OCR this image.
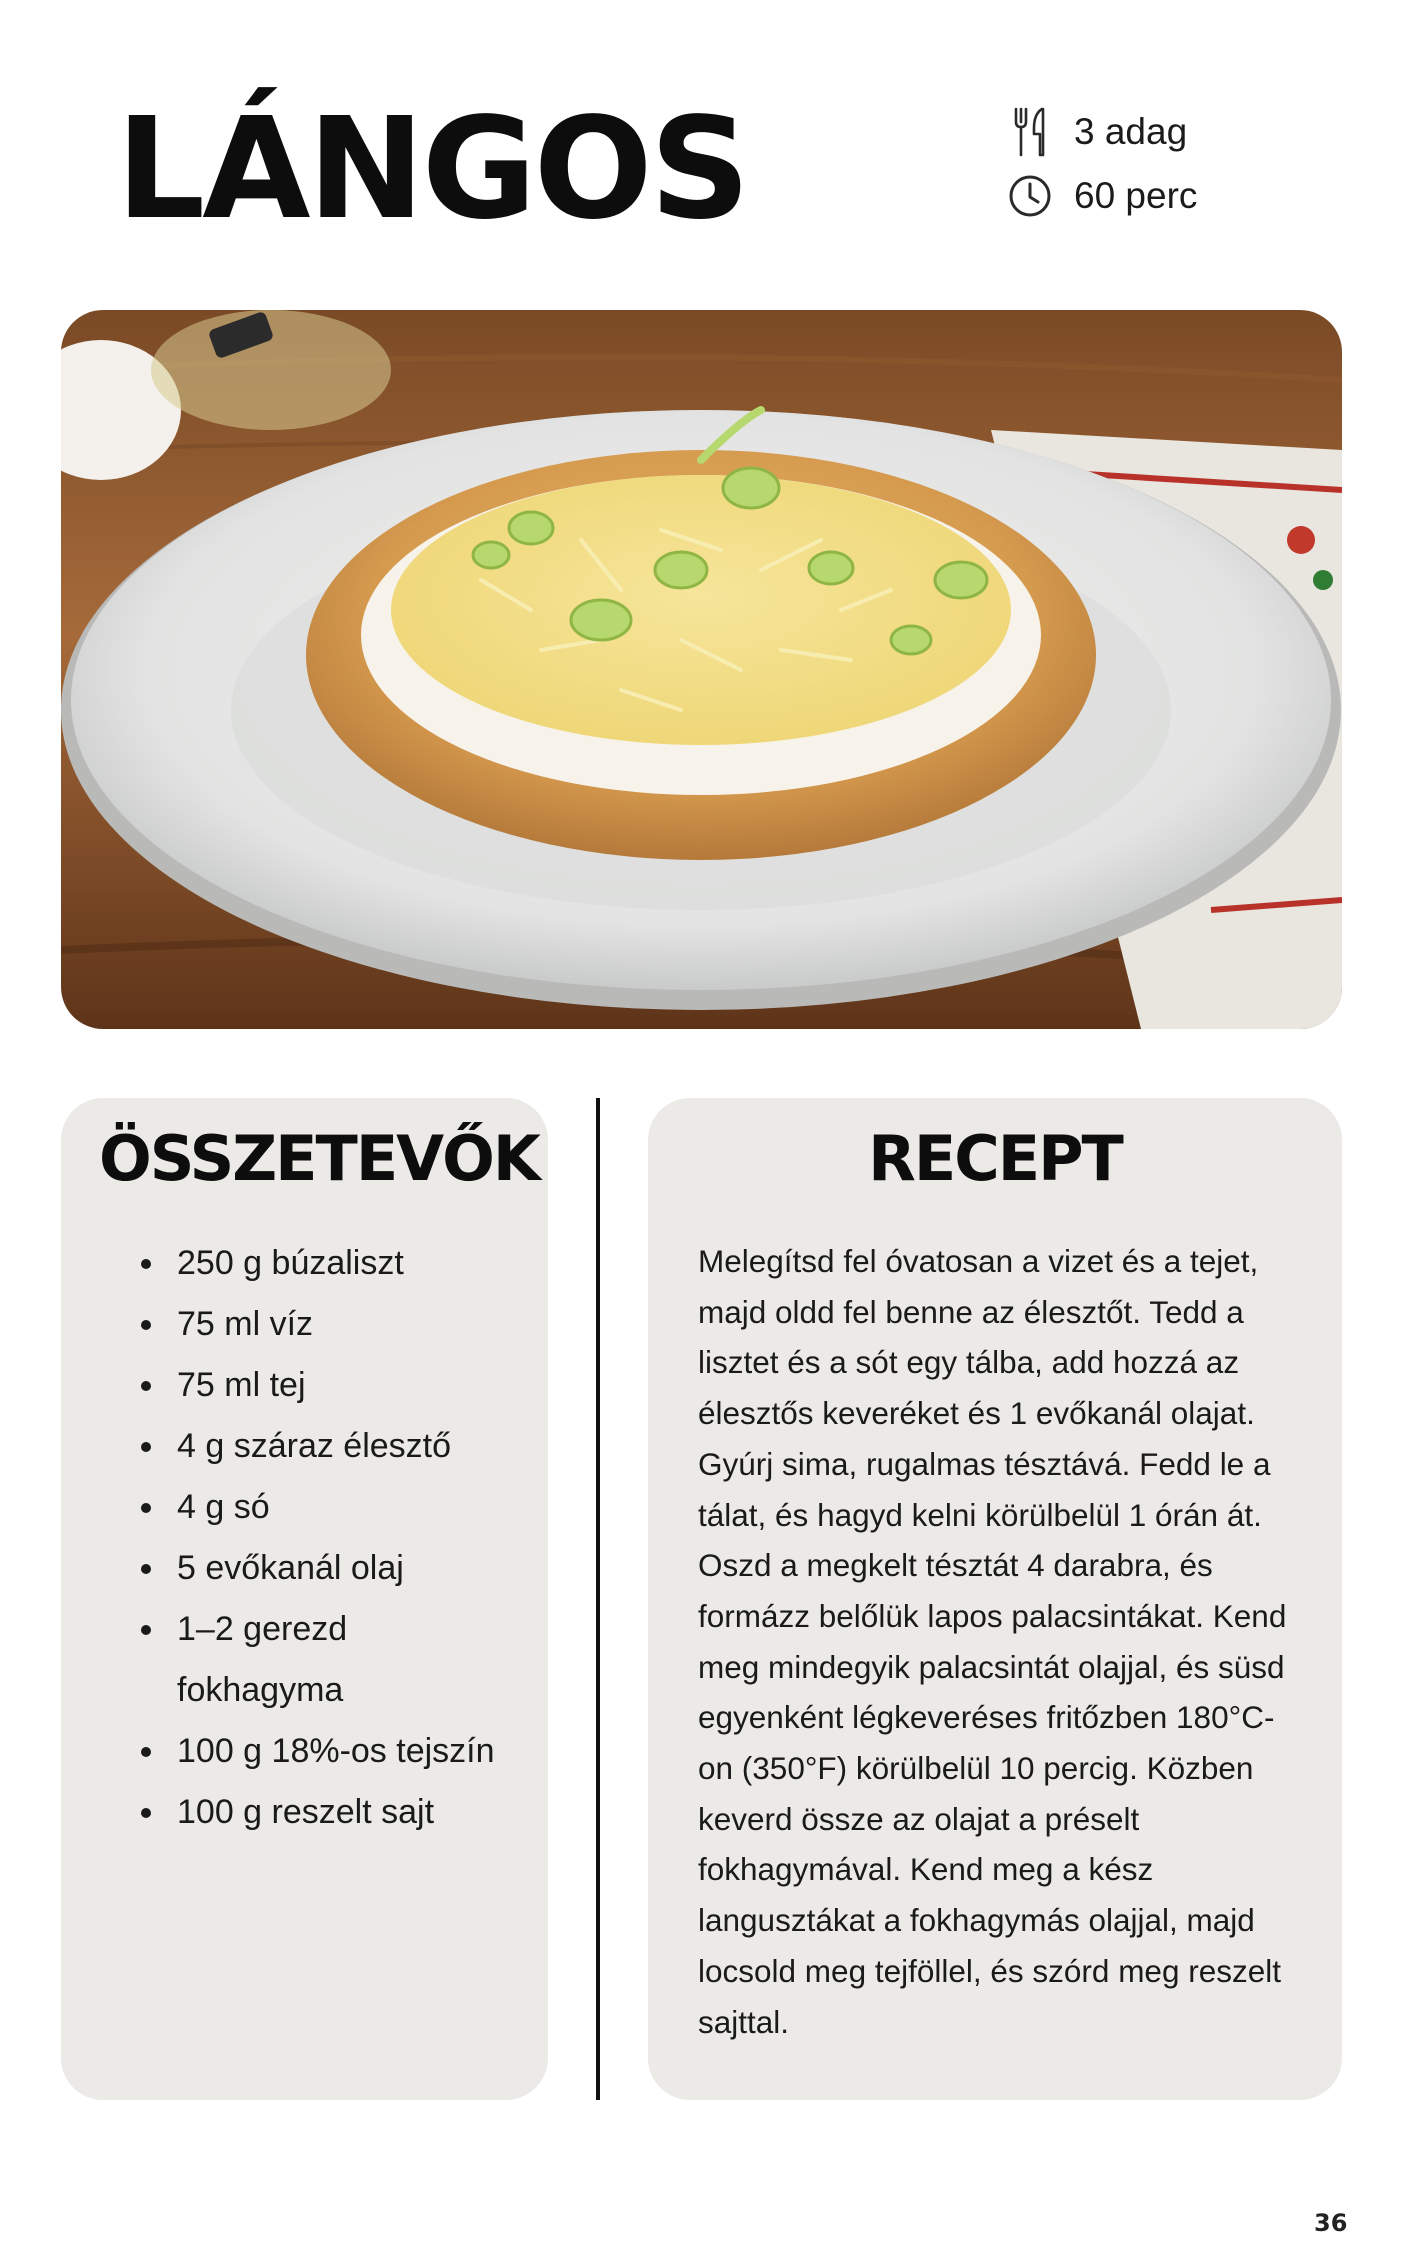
LÁNGOS	3 adag
60 perc
ÖSSZETEVŐK
250 g búzaliszt
75 ml víz
75 ml tej
4 g száraz élesztő
4 g só
5 evőkanál olaj
1–2 gerezd fokhagyma
100 g 18%-os tejszín
100 g reszelt sajt
RECEPT

Melegítsd fel óvatosan a vizet és a tejet, majd oldd fel benne az élesztőt. Tedd a lisztet és a sót egy tálba, add hozzá az élesztős keveréket és 1 evőkanál olajat. Gyúrj sima, rugalmas tésztává. Fedd le a tálat, és hagyd kelni körülbelül 1 órán át. Oszd a megkelt tésztát 4 darabra, és formázz belőlük lapos palacsintákat. Kend meg mindegyik palacsintát olajjal, és süsd egyenként légkeveréses fritőzben 180°C-on (350°F) körülbelül 10 percig. Közben keverd össze az olajat a préselt fokhagymával. Kend meg a kész langusztákat a fokhagymás olajjal, majd locsold meg tejföllel, és szórd meg reszelt sajttal.

36
